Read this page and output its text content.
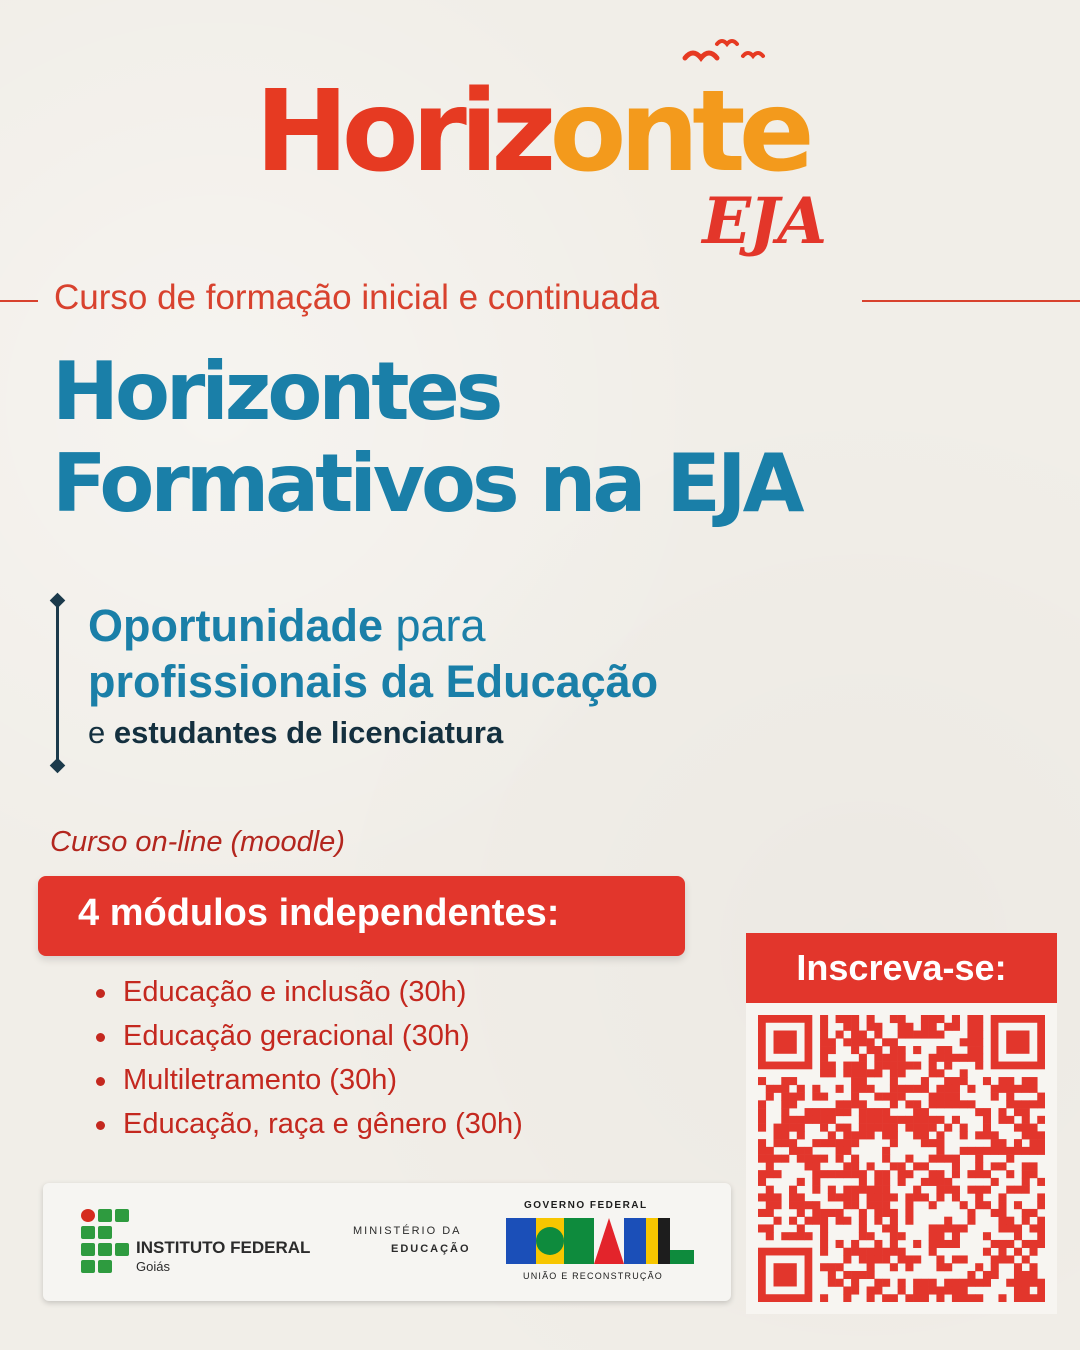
Horizonte
EJA
Curso de formação inicial e continuada
Horizontes
Formativos na EJA
Oportunidade para
profissionais da Educação
e estudantes de licenciatura
Curso on-line (moodle)
4 módulos independentes:
Educação e inclusão (30h)
Educação geracional (30h)
Multiletramento (30h)
Educação, raça e gênero (30h)
INSTITUTO FEDERAL
Goiás
MINISTÉRIO DA
EDUCAÇÃO
GOVERNO FEDERAL
UNIÃO E RECONSTRUÇÃO
Inscreva-se:
